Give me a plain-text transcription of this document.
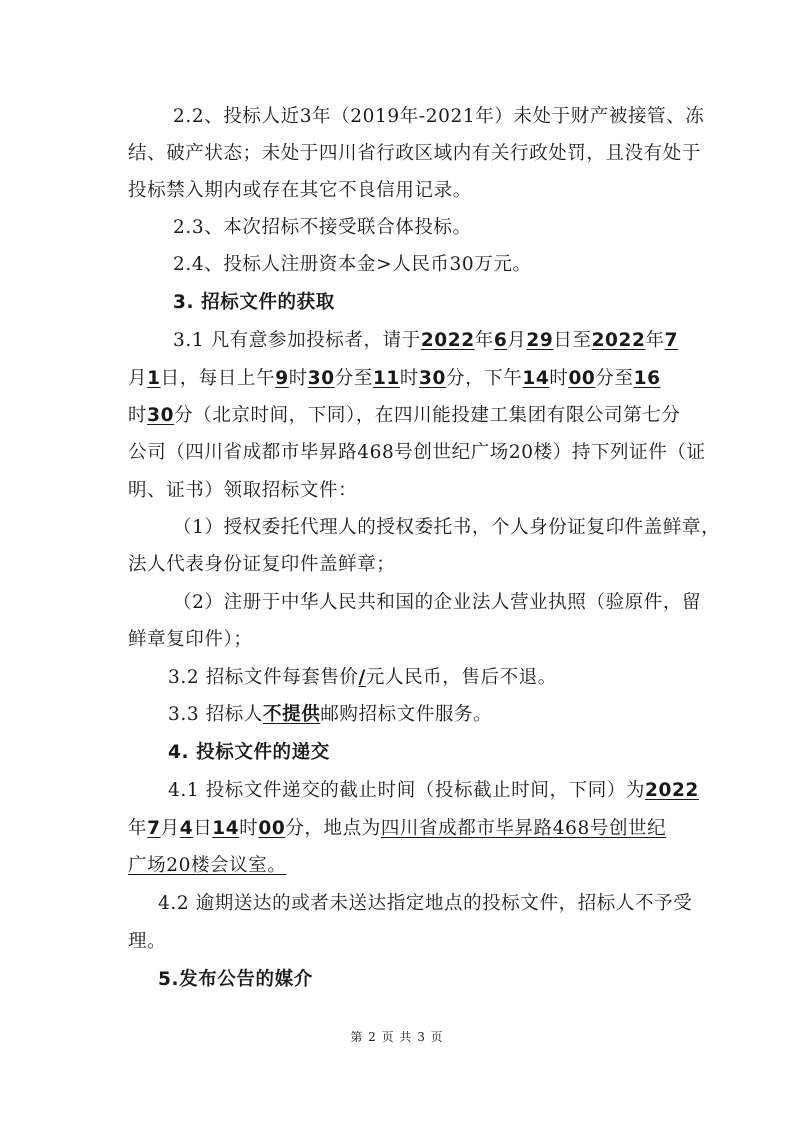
2.2、投标人近3年（2019年-2021年）未处于财产被接管、冻
结、破产状态；未处于四川省行政区域内有关行政处罚，且没有处于
投标禁入期内或存在其它不良信用记录。
2.3、本次招标不接受联合体投标。
2.4、投标人注册资本金>人民币30万元。
3. 招标文件的获取
3.1 凡有意参加投标者，请于2022年6月29日至2022年7
月1日，每日上午9时30分至11时30分，下午14时00分至16
时30分（北京时间，下同），在四川能投建工集团有限公司第七分
公司（四川省成都市毕昇路468号创世纪广场20楼）持下列证件（证
明、证书）领取招标文件：
（1）授权委托代理人的授权委托书，个人身份证复印件盖鲜章，
法人代表身份证复印件盖鲜章；
（2）注册于中华人民共和国的企业法人营业执照（验原件，留
鲜章复印件）；
3.2 招标文件每套售价/元人民币，售后不退。
3.3 招标人不提供邮购招标文件服务。
4. 投标文件的递交
4.1 投标文件递交的截止时间（投标截止时间，下同）为2022
年7月4日14时00分，地点为四川省成都市毕昇路468号创世纪
广场20楼会议室。
4.2 逾期送达的或者未送达指定地点的投标文件，招标人不予受
理。
5.发布公告的媒介
第 2 页 共 3 页
